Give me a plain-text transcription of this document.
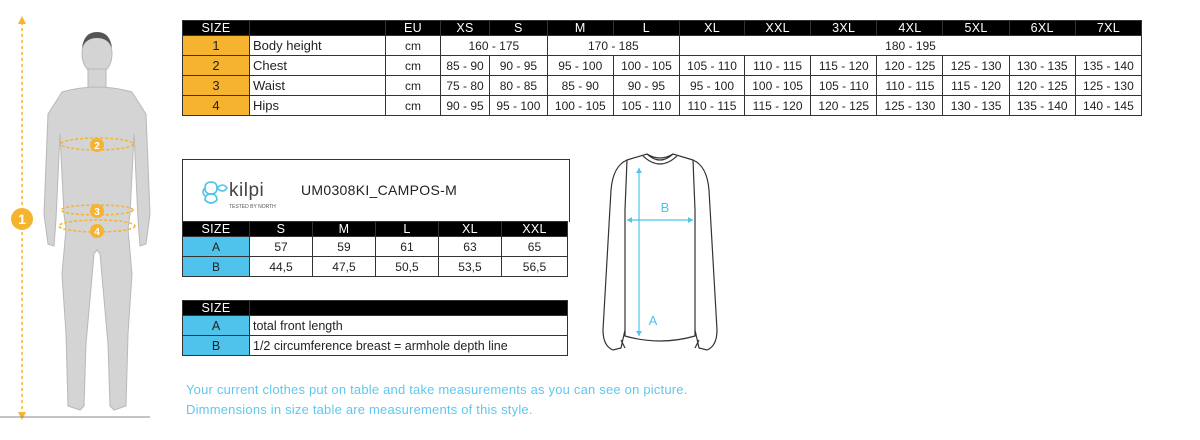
1
2
3
4
SIZE		EU	XS	S	M	L	XL	XXL	3XL	4XL	5XL	6XL	7XL
1	Body height	cm	160 - 175		170 - 185		180 - 195						
2	Chest	cm	85 - 90	90 - 95	95 - 100	100 - 105	105 - 110	110 - 115	115 - 120	120 - 125	125 - 130	130 - 135	135 - 140
3	Waist	cm	75 - 80	80 - 85	85 - 90	90 - 95	95 - 100	100 - 105	105 - 110	110 - 115	115 - 120	120 - 125	125 - 130
4	Hips	cm	90 - 95	95 - 100	100 - 105	105 - 110	110 - 115	115 - 120	120 - 125	125 - 130	130 - 135	135 - 140	140 - 145
kilpi
TESTED BY NORTH
UM0308KI_CAMPOS-M
SIZE	S	M	L	XL	XXL
A	57	59	61	63	65
B	44,5	47,5	50,5	53,5	56,5
SIZE	
A	total front length
B	1/2 circumference breast = armhole depth line
B
A
Your current clothes put on table and take measurements as you can see on picture.
Dimmensions in size table are measurements of this style.
